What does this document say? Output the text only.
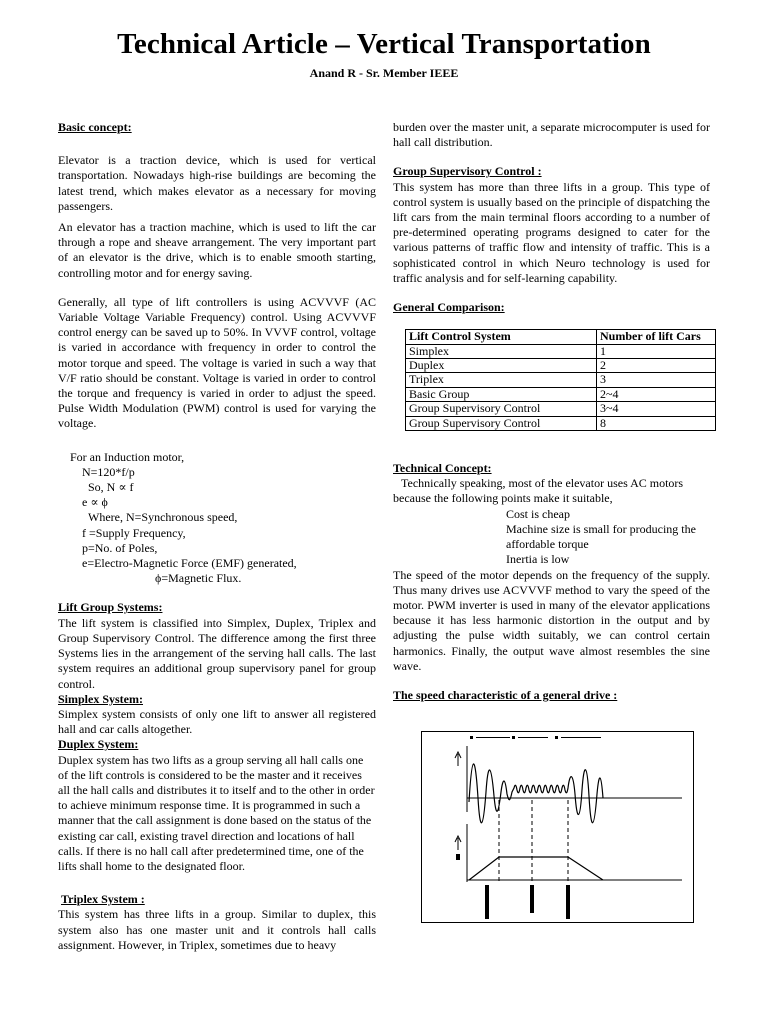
Technical Article – Vertical Transportation
Anand R - Sr. Member IEEE

Basic concept:

Elevator is a traction device, which is used for vertical transportation. Nowadays high-rise buildings are becoming the latest trend, which makes elevator as a necessary for moving passengers.

An elevator has a traction machine, which is used to lift the car through a rope and sheave arrangement. The very important part of an elevator is the drive, which is to enable smooth starting, controlling motor and for energy saving.

Generally, all type of lift controllers is using ACVVVF (AC Variable Voltage Variable Frequency) control. Using ACVVVF control energy can be saved up to 50%. In VVVF control, voltage is varied in accordance with frequency in order to control the motor torque and speed. The voltage is varied in such a way that V/F ratio should be constant. Voltage is varied in order to control the torque and frequency is varied in order to adjust the speed. Pulse Width Modulation (PWM) control is used for varying the voltage.

For an Induction motor,
N=120*f/p
So, N ∝ f
e ∝ ϕ
Where, N=Synchronous speed,
f =Supply Frequency,
p=No. of Poles,
e=Electro-Magnetic Force (EMF) generated,
ϕ=Magnetic Flux.

Lift Group Systems:

The lift system is classified into Simplex, Duplex, Triplex and Group Supervisory Control. The difference among the first three Systems lies in the arrangement of the serving hall calls. The last system requires an additional group supervisory panel for group control.

Simplex System:

Simplex system consists of only one lift to answer all registered hall and car calls altogether.

Duplex System:

Duplex system has two lifts as a group serving all hall calls one of the lift controls is considered to be the master and it receives all the hall calls and distributes it to itself and to the other in order to achieve minimum response time. It is programmed in such a manner that the call assignment is done based on the status of the existing car call, existing travel direction and locations of hall calls. If there is no hall call after predetermined time, one of the lifts shall home to the designated floor.

Triplex System :

This system has three lifts in a group. Similar to duplex, this system also has one master unit and it controls hall calls assignment. However, in Triplex, sometimes due to heavy

burden over the master unit, a separate microcomputer is used for hall call distribution.

Group Supervisory Control :

This system has more than three lifts in a group. This type of control system is usually based on the principle of dispatching the lift cars from the main terminal floors according to a number of pre-determined operating programs designed to cater for the various patterns of traffic flow and intensity of traffic. This is a sophisticated control in which Neuro technology is used for traffic analysis and for self-learning capability.

General Comparison:

Lift Control System	Number of lift Cars
Simplex	1
Duplex	2
Triplex	3
Basic Group	2~4
Group Supervisory Control	3~4
Group Supervisory Control	8

Technical Concept:

Technically speaking, most of the elevator uses AC motors because the following points make it suitable,

Cost is cheap
Machine size is small for producing the affordable torque
Inertia is low

The speed of the motor depends on the frequency of the supply. Thus many drives use ACVVVF method to vary the speed of the motor. PWM inverter is used in many of the elevator applications because it has less harmonic distortion in the output and by adjusting the pulse width suitably, we can control certain harmonics. Finally, the output wave almost resembles the sine wave.

The speed characteristic of a general drive :
